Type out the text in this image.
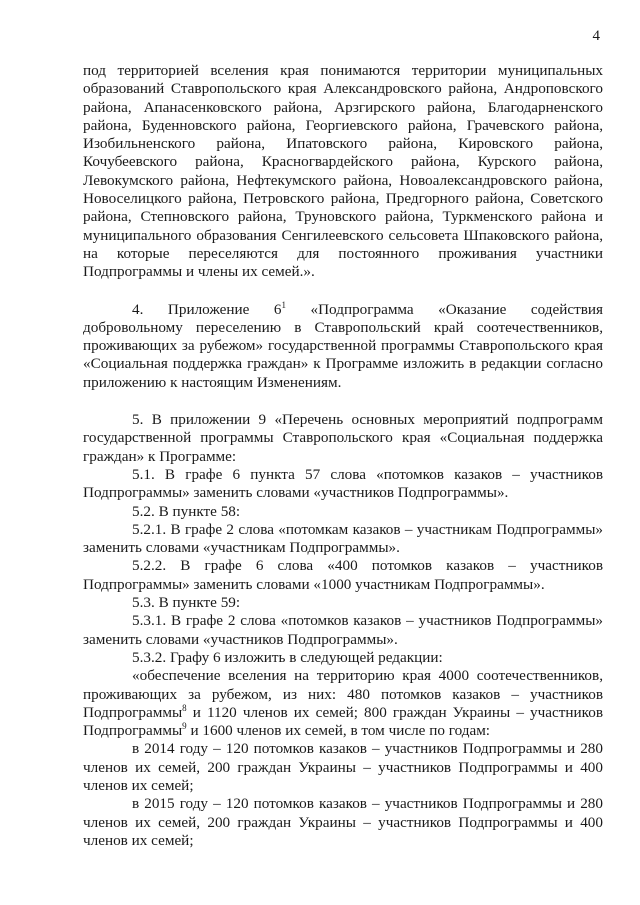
4

под территорией вселения края понимаются территории муниципальных образований Ставропольского края Александровского района, Андроповского района, Апанасенковского района, Арзгирского района, Благодарненского района, Буденновского района, Георгиевского района, Грачевского района, Изобильненского района, Ипатовского района, Кировского района, Кочубеевского района, Красногвардейского района, Курского района, Левокумского района, Нефтекумского района, Новоалександровского района, Новоселицкого района, Петровского района, Предгорного района, Советского района, Степновского района, Труновского района, Туркменского района и муниципального образования Сенгилеевского сельсовета Шпаковского района, на которые переселяются для постоянного проживания участники Подпрограммы и члены их семей.».

4. Приложение $6^1$ «Подпрограмма «Оказание содействия добровольному переселению в Ставропольский край соотечественников, проживающих за рубежом» государственной программы Ставропольского края «Социальная поддержка граждан» к Программе изложить в редакции согласно приложению к настоящим Изменениям.

5. В приложении 9 «Перечень основных мероприятий подпрограмм государственной программы Ставропольского края «Социальная поддержка граждан» к Программе:

5.1. В графе 6 пункта 57 слова «потомков казаков – участников Подпрограммы» заменить словами «участников Подпрограммы».

5.2. В пункте 58:

5.2.1. В графе 2 слова «потомкам казаков – участникам Подпрограммы» заменить словами «участникам Подпрограммы».

5.2.2. В графе 6 слова «400 потомков казаков – участников Подпрограммы» заменить словами «1000 участникам Подпрограммы».

5.3. В пункте 59:

5.3.1. В графе 2 слова «потомков казаков – участников Подпрограммы» заменить словами «участников Подпрограммы».

5.3.2. Графу 6 изложить в следующей редакции:

«обеспечение вселения на территорию края 4000 соотечественников, проживающих за рубежом, из них: 480 потомков казаков – участников Подпрограммы$^8$ и 1120 членов их семей; 800 граждан Украины – участников Подпрограммы$^9$ и 1600 членов их семей, в том числе по годам:

в 2014 году – 120 потомков казаков – участников Подпрограммы и 280 членов их семей, 200 граждан Украины – участников Подпрограммы и 400 членов их семей;

в 2015 году – 120 потомков казаков – участников Подпрограммы и 280 членов их семей, 200 граждан Украины – участников Подпрограммы и 400 членов их семей;
